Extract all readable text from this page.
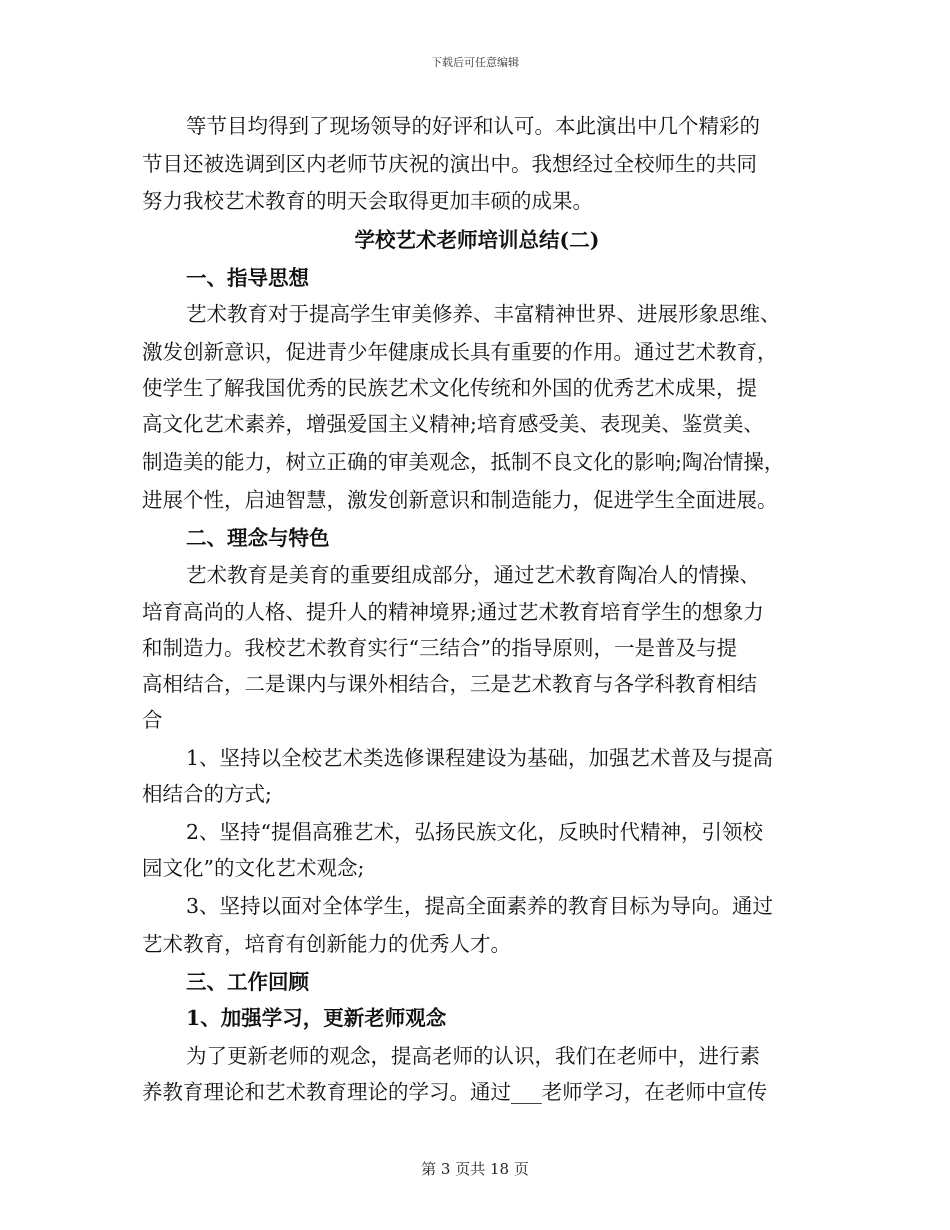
下载后可任意编辑
等节目均得到了现场领导的好评和认可。本此演出中几个精彩的
节目还被选调到区内老师节庆祝的演出中。我想经过全校师生的共同
努力我校艺术教育的明天会取得更加丰硕的成果。
学校艺术老师培训总结(二)
一、指导思想
艺术教育对于提高学生审美修养、丰富精神世界、进展形象思维、
激发创新意识，促进青少年健康成长具有重要的作用。通过艺术教育，
使学生了解我国优秀的民族艺术文化传统和外国的优秀艺术成果，提
高文化艺术素养，增强爱国主义精神;培育感受美、表现美、鉴赏美、
制造美的能力，树立正确的审美观念，抵制不良文化的影响;陶冶情操，
进展个性，启迪智慧，激发创新意识和制造能力，促进学生全面进展。
二、理念与特色
艺术教育是美育的重要组成部分，通过艺术教育陶冶人的情操、
培育高尚的人格、提升人的精神境界;通过艺术教育培育学生的想象力
和制造力。我校艺术教育实行“三结合”的指导原则，一是普及与提
高相结合，二是课内与课外相结合，三是艺术教育与各学科教育相结
合
1、坚持以全校艺术类选修课程建设为基础，加强艺术普及与提高
相结合的方式;
2、坚持“提倡高雅艺术，弘扬民族文化，反映时代精神，引领校
园文化”的文化艺术观念;
3、坚持以面对全体学生，提高全面素养的教育目标为导向。通过
艺术教育，培育有创新能力的优秀人才。
三、工作回顾
1、加强学习，更新老师观念
为了更新老师的观念，提高老师的认识，我们在老师中，进行素
养教育理论和艺术教育理论的学习。通过___老师学习，在老师中宣传
第 3 页共 18 页
